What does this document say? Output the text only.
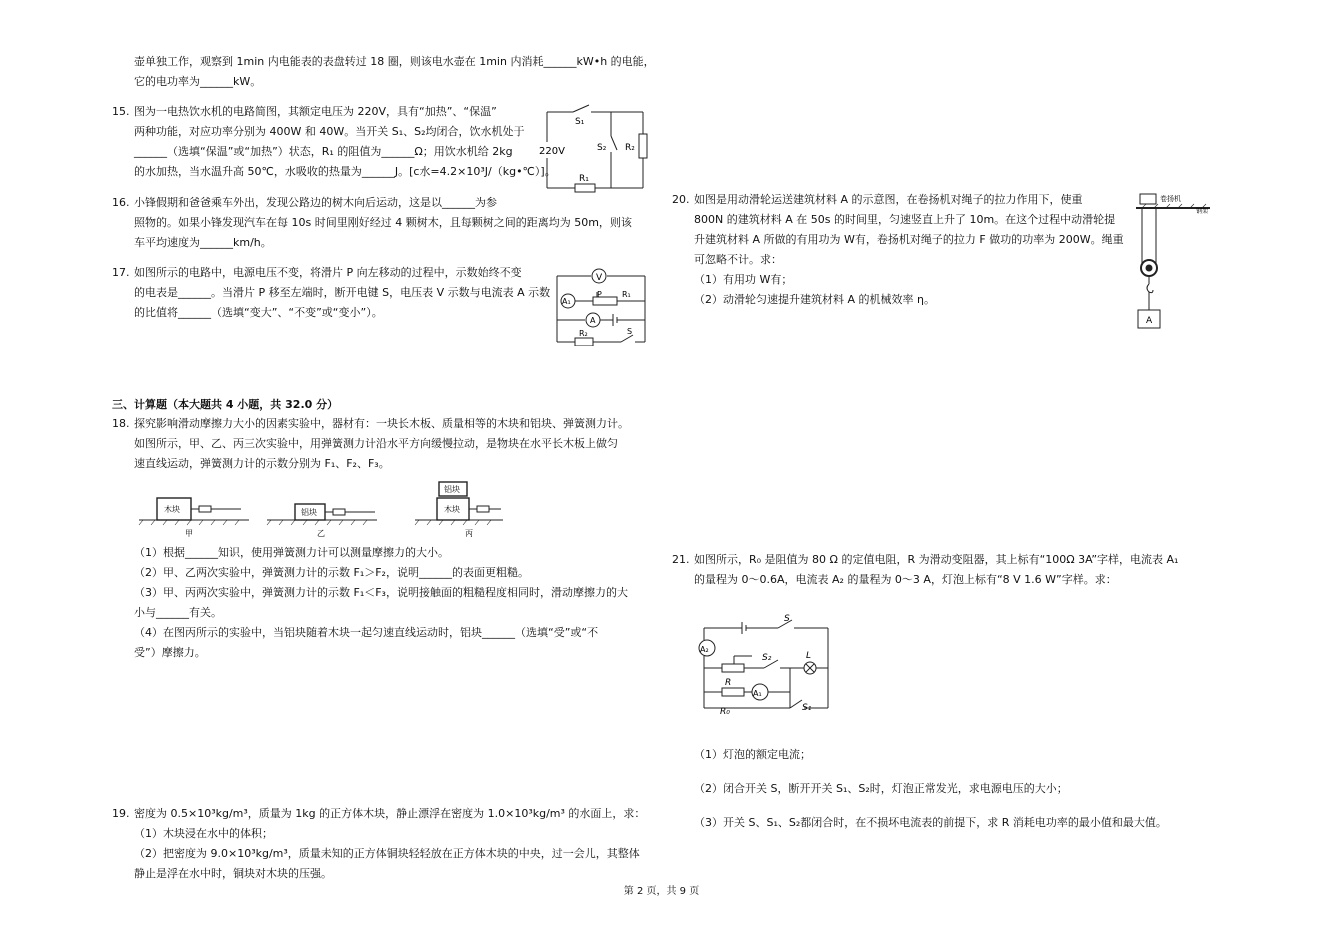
壶单独工作，观察到 1min 内电能表的表盘转过 18 圈，则该电水壶在 1min 内消耗______kW•h 的电能，
它的电功率为______kW。
15. 图为一电热饮水机的电路简图，其额定电压为 220V，具有“加热”、“保温”
两种功能，对应功率分别为 400W 和 40W。当开关 S₁、S₂均闭合，饮水机处于
______（选填“保温”或“加热”）状态，R₁ 的阻值为______Ω；用饮水机给 2kg
的水加热，当水温升高 50℃，水吸收的热量为______J。[c水=4.2×10³J/（kg•℃）]。
220V
S₁
S₂ R₂
R₁
16. 小锋假期和爸爸乘车外出，发现公路边的树木向后运动，这是以______为参
照物的。如果小锋发现汽车在每 10s 时间里刚好经过 4 颗树木，且每颗树之间的距离均为 50m，则该
车平均速度为______km/h。
17. 如图所示的电路中，电源电压不变，将滑片 P 向左移动的过程中，示数始终不变
的电表是______。当滑片 P 移至左端时，断开电键 S，电压表 V 示数与电流表 A 示数
的比值将______（选填“变大”、“不变”或“变小”）。
V
A₁
P	R₁
A
R₂	S
三、计算题（本大题共 4 小题，共 32.0 分）
18. 探究影响滑动摩擦力大小的因素实验中，器材有：一块长木板、质量相等的木块和铝块、弹簧测力计。
如图所示，甲、乙、丙三次实验中，用弹簧测力计沿水平方向缓慢拉动，是物块在水平长木板上做匀
速直线运动，弹簧测力计的示数分别为 F₁、F₂、F₃。
木块	铝块
铝块
木块
甲	乙	丙
（1）根据______知识，使用弹簧测力计可以测量摩擦力的大小。
（2）甲、乙两次实验中，弹簧测力计的示数 F₁＞F₂，说明______的表面更粗糙。
（3）甲、丙两次实验中，弹簧测力计的示数 F₁＜F₃，说明接触面的粗糙程度相同时，滑动摩擦力的大
小与______有关。
（4）在图丙所示的实验中，当铝块随着木块一起匀速直线运动时，铝块______（选填“受”或“不
受”）摩擦力。
19. 密度为 0.5×10³kg/m³，质量为 1kg 的正方体木块，静止漂浮在密度为 1.0×10³kg/m³ 的水面上，求：
（1）木块浸在水中的体积；
（2）把密度为 9.0×10³kg/m³，质量未知的正方体铜块轻轻放在正方体木块的中央，过一会儿，其整体
静止是浮在水中时，铜块对木块的压强。
20. 如图是用动滑轮运送建筑材料 A 的示意图，在卷扬机对绳子的拉力作用下，使重
800N 的建筑材料 A 在 50s 的时间里，匀速竖直上升了 10m。在这个过程中动滑轮提
升建筑材料 A 所做的有用功为 W有，卷扬机对绳子的拉力 F 做功的功率为 200W。绳重
可忽略不计。求：
（1）有用功 W有；
（2）动滑轮匀速提升建筑材料 A 的机械效率 η。
卷扬机
钢架
A
21. 如图所示，R₀ 是阻值为 80 Ω 的定值电阻，R 为滑动变阻器，其上标有“100Ω 3A”字样，电流表 A₁
的量程为 0～0.6A，电流表 A₂ 的量程为 0～3 A，灯泡上标有“8 V 1.6 W”字样。求：
S
A₂
S₂	L
R
A₁
R₀	S₁
（1）灯泡的额定电流；
（2）闭合开关 S，断开开关 S₁、S₂时，灯泡正常发光，求电源电压的大小；
（3）开关 S、S₁、S₂都闭合时，在不损坏电流表的前提下，求 R 消耗电功率的最小值和最大值。
第 2 页，共 9 页
